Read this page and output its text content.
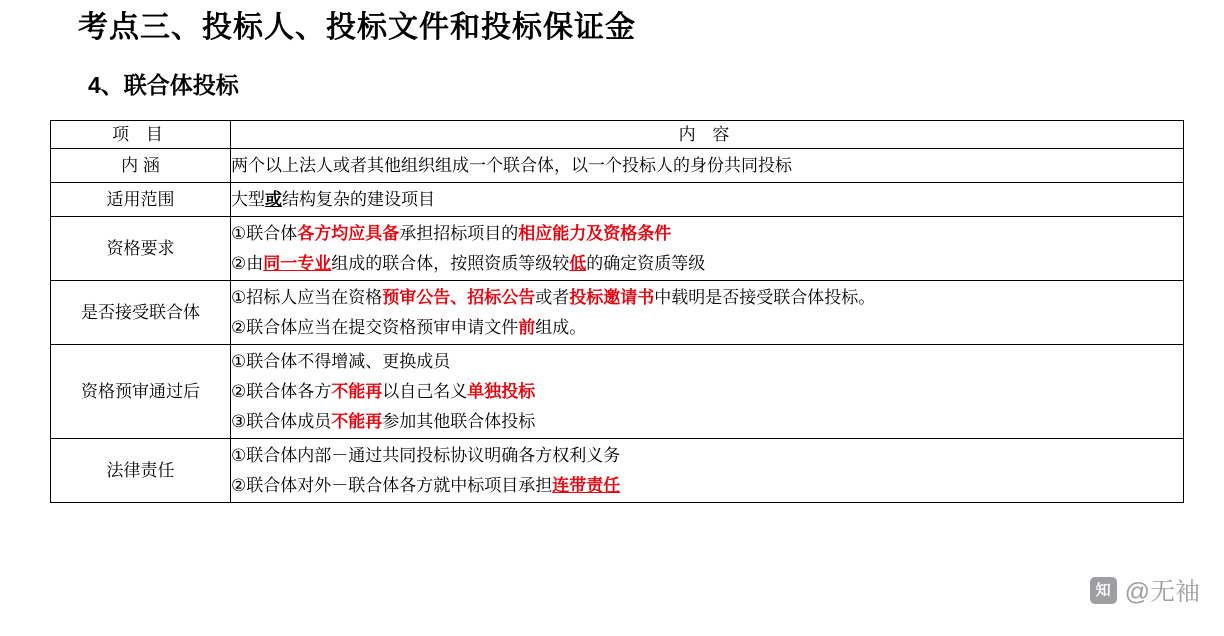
考点三、投标人、投标文件和投标保证金
4、联合体投标
项 目	内 容

内 涵	两个以上法人或者其他组织组成一个联合体，以一个投标人的身份共同投标

适用范围	大型或结构复杂的建设项目

资格要求	①联合体各方均应具备承担招标项目的相应能力及资格条件
②由同一专业组成的联合体，按照资质等级较低的确定资质等级

是否接受联合体	①招标人应当在资格预审公告、招标公告或者投标邀请书中载明是否接受联合体投标。
②联合体应当在提交资格预审申请文件前组成。

资格预审通过后	①联合体不得增减、更换成员
②联合体各方不能再以自己名义单独投标
③联合体成员不能再参加其他联合体投标

法律责任	①联合体内部－通过共同投标协议明确各方权利义务
②联合体对外－联合体各方就中标项目承担连带责任
知 @无袖
